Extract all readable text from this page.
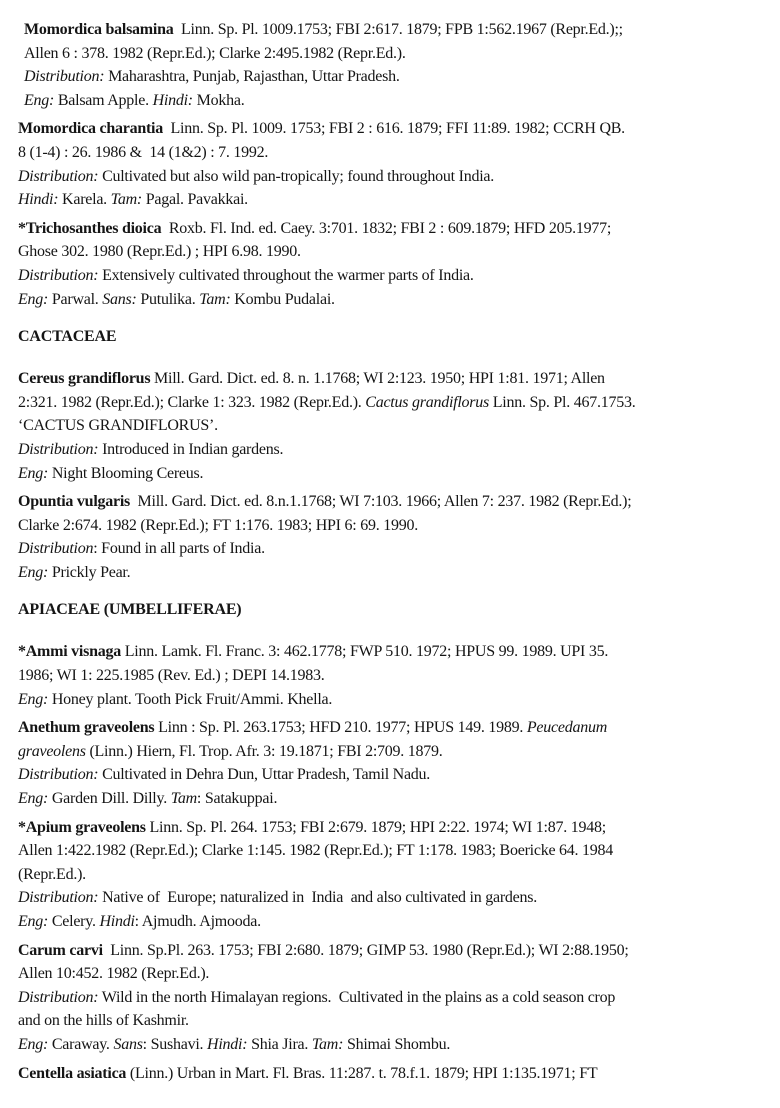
Momordica balsamina  Linn. Sp. Pl. 1009.1753; FBI 2:617. 1879; FPB 1:562.1967 (Repr.Ed.);;
Allen 6 : 378. 1982 (Repr.Ed.); Clarke 2:495.1982 (Repr.Ed.).
Distribution: Maharashtra, Punjab, Rajasthan, Uttar Pradesh.
Eng: Balsam Apple. Hindi: Mokha.
Momordica charantia  Linn. Sp. Pl. 1009. 1753; FBI 2 : 616. 1879; FFI 11:89. 1982; CCRH QB.
8 (1-4) : 26. 1986 &  14 (1&2) : 7. 1992.
Distribution: Cultivated but also wild pan-tropically; found throughout India.
Hindi: Karela. Tam: Pagal. Pavakkai.
*Trichosanthes dioica  Roxb. Fl. Ind. ed. Caey. 3:701. 1832; FBI 2 : 609.1879; HFD 205.1977;
Ghose 302. 1980 (Repr.Ed.) ; HPI 6.98. 1990.
Distribution: Extensively cultivated throughout the warmer parts of India.
Eng: Parwal. Sans: Putulika. Tam: Kombu Pudalai.
CACTACEAE
Cereus grandiflorus Mill. Gard. Dict. ed. 8. n. 1.1768; WI 2:123. 1950; HPI 1:81. 1971; Allen
2:321. 1982 (Repr.Ed.); Clarke 1: 323. 1982 (Repr.Ed.). Cactus grandiflorus Linn. Sp. Pl. 467.1753.
‘CACTUS GRANDIFLORUS’.
Distribution: Introduced in Indian gardens.
Eng: Night Blooming Cereus.
Opuntia vulgaris  Mill. Gard. Dict. ed. 8.n.1.1768; WI 7:103. 1966; Allen 7: 237. 1982 (Repr.Ed.);
Clarke 2:674. 1982 (Repr.Ed.); FT 1:176. 1983; HPI 6: 69. 1990.
Distribution: Found in all parts of India.
Eng: Prickly Pear.
APIACEAE (UMBELLIFERAE)
*Ammi visnaga Linn. Lamk. Fl. Franc. 3: 462.1778; FWP 510. 1972; HPUS 99. 1989. UPI 35.
1986; WI 1: 225.1985 (Rev. Ed.) ; DEPI 14.1983.
Eng: Honey plant. Tooth Pick Fruit/Ammi. Khella.
Anethum graveolens Linn : Sp. Pl. 263.1753; HFD 210. 1977; HPUS 149. 1989. Peucedanum
graveolens (Linn.) Hiern, Fl. Trop. Afr. 3: 19.1871; FBI 2:709. 1879.
Distribution: Cultivated in Dehra Dun, Uttar Pradesh, Tamil Nadu.
Eng: Garden Dill. Dilly. Tam: Satakuppai.
*Apium graveolens Linn. Sp. Pl. 264. 1753; FBI 2:679. 1879; HPI 2:22. 1974; WI 1:87. 1948;
Allen 1:422.1982 (Repr.Ed.); Clarke 1:145. 1982 (Repr.Ed.); FT 1:178. 1983; Boericke 64. 1984
(Repr.Ed.).
Distribution: Native of  Europe; naturalized in  India  and also cultivated in gardens.
Eng: Celery. Hindi: Ajmudh. Ajmooda.
Carum carvi  Linn. Sp.Pl. 263. 1753; FBI 2:680. 1879; GIMP 53. 1980 (Repr.Ed.); WI 2:88.1950;
Allen 10:452. 1982 (Repr.Ed.).
Distribution: Wild in the north Himalayan regions.  Cultivated in the plains as a cold season crop
and on the hills of Kashmir.
Eng: Caraway. Sans: Sushavi. Hindi: Shia Jira. Tam: Shimai Shombu.
Centella asiatica (Linn.) Urban in Mart. Fl. Bras. 11:287. t. 78.f.1. 1879; HPI 1:135.1971; FT
